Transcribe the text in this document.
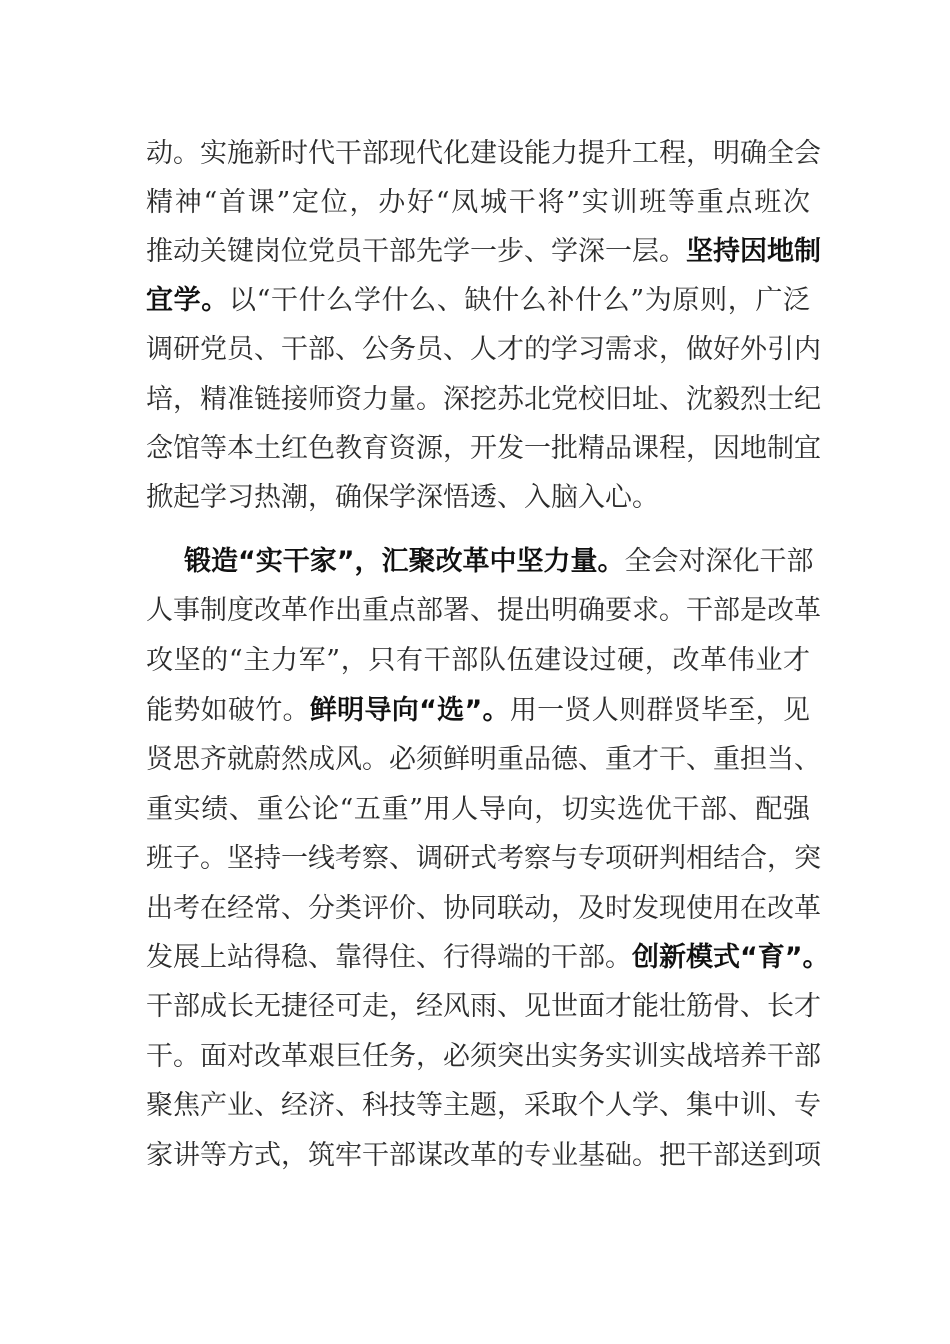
动。实施新时代干部现代化建设能力提升工程，明确全会
精神“首课”定位，办好“凤城干将”实训班等重点班次
推动关键岗位党员干部先学一步、学深一层。坚持因地制
宜学。以“干什么学什么、缺什么补什么”为原则，广泛
调研党员、干部、公务员、人才的学习需求，做好外引内
培，精准链接师资力量。深挖苏北党校旧址、沈毅烈士纪
念馆等本土红色教育资源，开发一批精品课程，因地制宜
掀起学习热潮，确保学深悟透、入脑入心。
锻造“实干家”，汇聚改革中坚力量。全会对深化干部
人事制度改革作出重点部署、提出明确要求。干部是改革
攻坚的“主力军”，只有干部队伍建设过硬，改革伟业才
能势如破竹。鲜明导向“选”。用一贤人则群贤毕至，见
贤思齐就蔚然成风。必须鲜明重品德、重才干、重担当、
重实绩、重公论“五重”用人导向，切实选优干部、配强
班子。坚持一线考察、调研式考察与专项研判相结合，突
出考在经常、分类评价、协同联动，及时发现使用在改革
发展上站得稳、靠得住、行得端的干部。创新模式“育”。
干部成长无捷径可走，经风雨、见世面才能壮筋骨、长才
干。面对改革艰巨任务，必须突出实务实训实战培养干部
聚焦产业、经济、科技等主题，采取个人学、集中训、专
家讲等方式，筑牢干部谋改革的专业基础。把干部送到项
